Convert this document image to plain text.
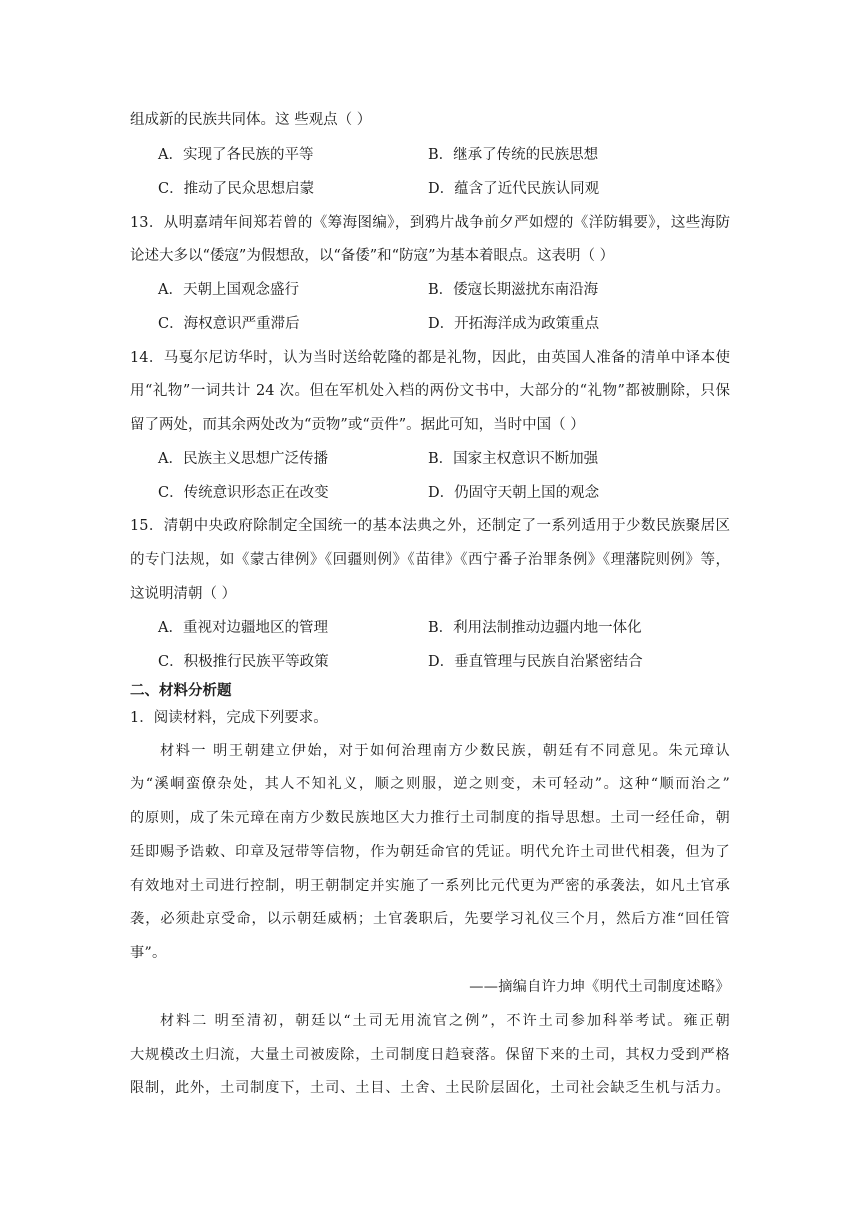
组成新的民族共同体。这 些观点（ ）
A．实现了各民族的平等	B．继承了传统的民族思想
C．推动了民众思想启蒙	D．蕴含了近代民族认同观
13．从明嘉靖年间郑若曾的《筹海图编》，到鸦片战争前夕严如熤的《洋防辑要》，这些海防
论述大多以“倭寇”为假想敌，以“备倭”和“防寇”为基本着眼点。这表明（ ）
A．天朝上国观念盛行	B．倭寇长期滋扰东南沿海
C．海权意识严重滞后	D．开拓海洋成为政策重点
14．马戛尔尼访华时，认为当时送给乾隆的都是礼物，因此，由英国人准备的清单中译本使
用“礼物”一词共计 24 次。但在军机处入档的两份文书中，大部分的“礼物”都被删除，只保
留了两处，而其余两处改为“贡物”或“贡件”。据此可知，当时中国（ ）
A．民族主义思想广泛传播	B．国家主权意识不断加强
C．传统意识形态正在改变	D．仍固守天朝上国的观念
15．清朝中央政府除制定全国统一的基本法典之外，还制定了一系列适用于少数民族聚居区
的专门法规，如《蒙古律例》《回疆则例》《苗律》《西宁番子治罪条例》《理藩院则例》等，
这说明清朝（ ）
A．重视对边疆地区的管理	B．利用法制推动边疆内地一体化
C．积极推行民族平等政策	D．垂直管理与民族自治紧密结合
二、材料分析题
1．阅读材料，完成下列要求。
材料一 明王朝建立伊始，对于如何治理南方少数民族，朝廷有不同意见。朱元璋认
为“溪峒蛮僚杂处，其人不知礼义，顺之则服，逆之则变，未可轻动”。这种“顺而治之”
的原则，成了朱元璋在南方少数民族地区大力推行土司制度的指导思想。土司一经任命，朝
廷即赐予诰敕、印章及冠带等信物，作为朝廷命官的凭证。明代允许土司世代相袭，但为了
有效地对土司进行控制，明王朝制定并实施了一系列比元代更为严密的承袭法，如凡土官承
袭，必须赴京受命，以示朝廷威柄；土官袭职后，先要学习礼仪三个月，然后方准“回任管
事”。
——摘编自许力坤《明代土司制度述略》
材料二 明至清初，朝廷以“土司无用流官之例”，不许土司参加科举考试。雍正朝
大规模改土归流，大量土司被废除，土司制度日趋衰落。保留下来的土司，其权力受到严格
限制，此外，土司制度下，土司、土目、土舍、土民阶层固化，土司社会缺乏生机与活力。
